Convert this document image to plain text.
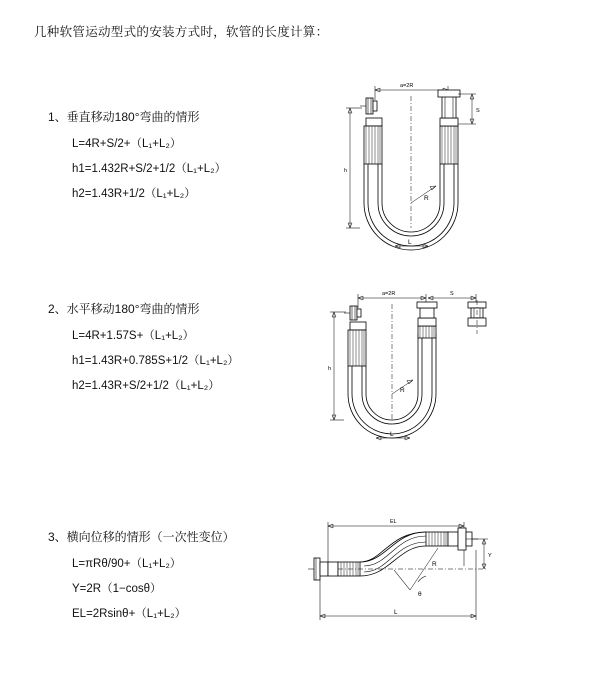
几种软管运动型式的安装方式时，软管的长度计算：
1、垂直移动180°弯曲的情形
L=4R+S/2+（L₁+L₂）
h1=1.432R+S/2+1/2（L₁+L₂）
h2=1.43R+1/2（L₁+L₂）
a=2R
R
S
h
L
2、水平移动180°弯曲的情形
L=4R+1.57S+（L₁+L₂）
h1=1.43R+0.785S+1/2（L₁+L₂）
h2=1.43R+S/2+1/2（L₁+L₂）
a=2R	S
R
h
L
3、横向位移的情形（一次性变位）
L=πRθ/90+（L₁+L₂）
Y=2R（1−cosθ）
EL=2Rsinθ+（L₁+L₂）
EL
Y
θ
R
L
